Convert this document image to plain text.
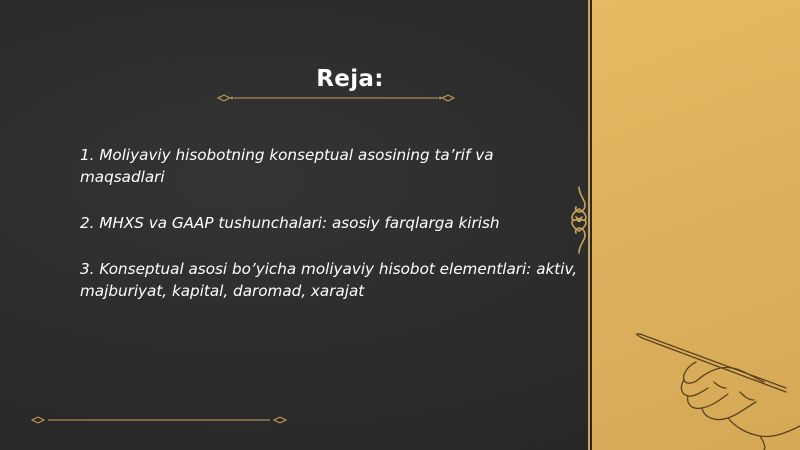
Reja:
1. Moliyaviy hisobotning konseptual asosining ta’rif va maqsadlari
2. MHXS va GAAP tushunchalari: asosiy farqlarga kirish
3. Konseptual asosi bo’yicha moliyaviy hisobot elementlari: aktiv, majburiyat, kapital, daromad, xarajat
